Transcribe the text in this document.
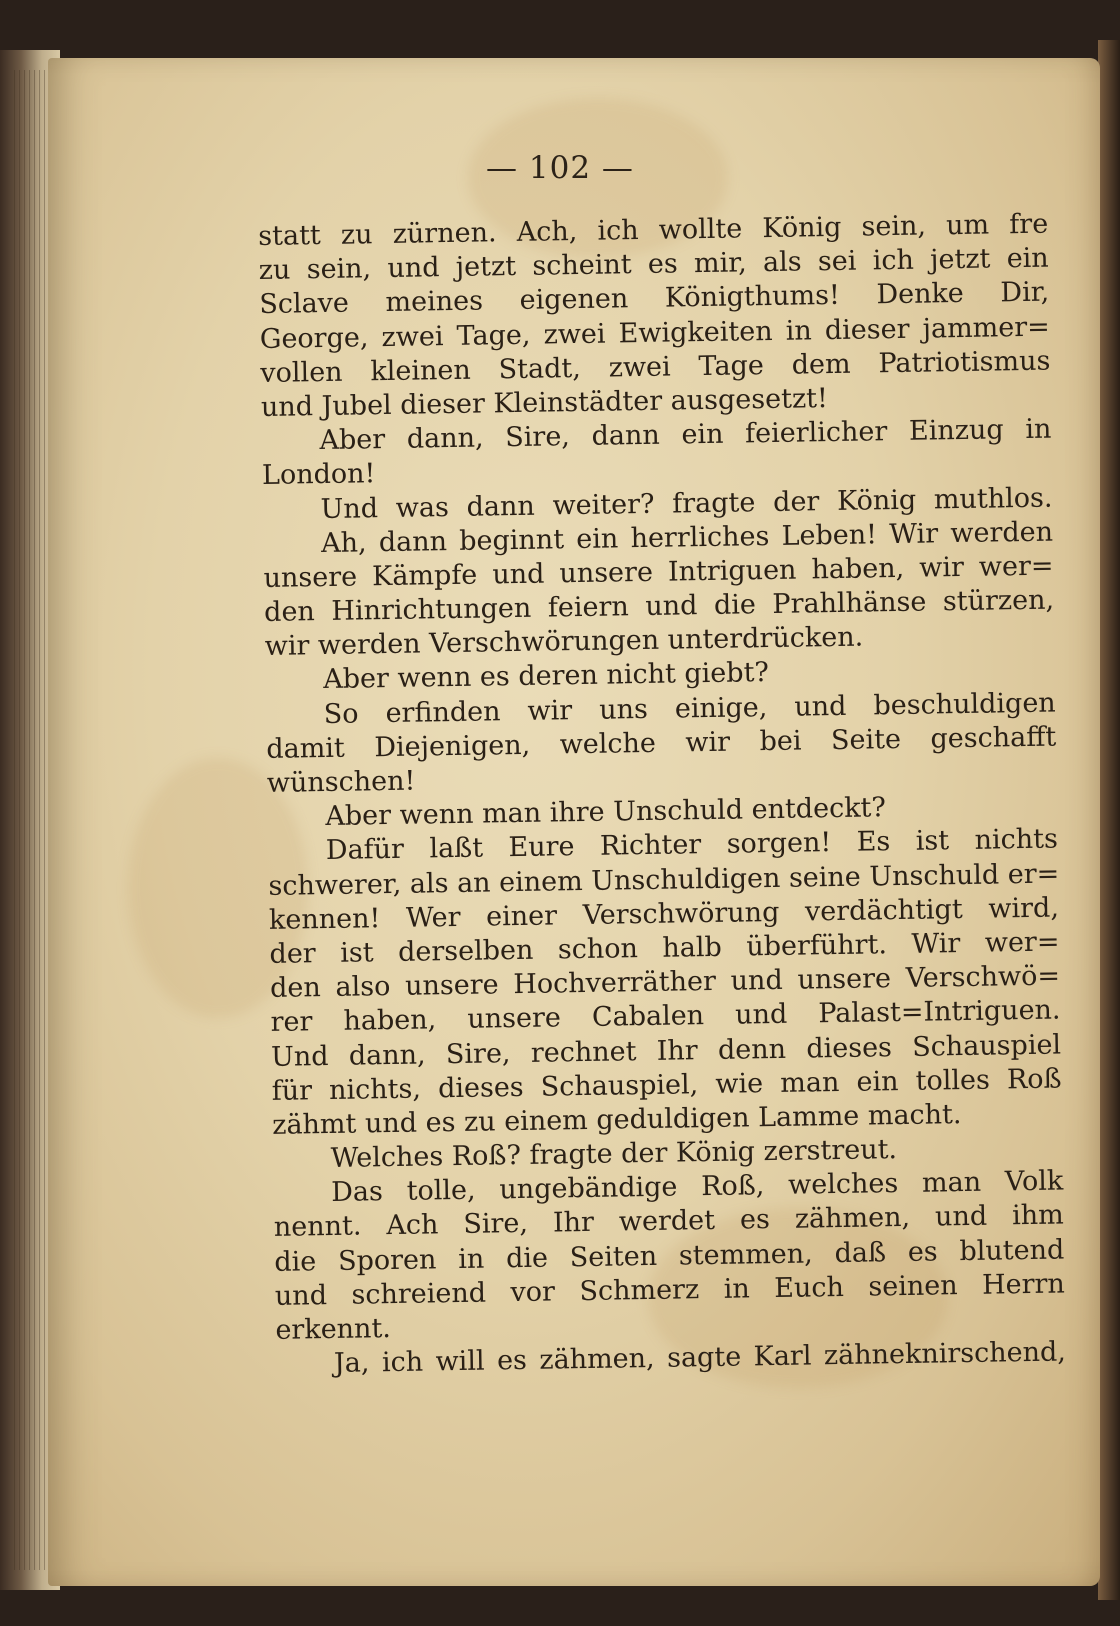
— 102 —
statt zu zürnen. Ach, ich wollte König sein, um fre
zu sein, und jetzt scheint es mir, als sei ich jetzt ein
Sclave meines eigenen Königthums! Denke Dir,
George, zwei Tage, zwei Ewigkeiten in dieser jammer=
vollen kleinen Stadt, zwei Tage dem Patriotismus
und Jubel dieser Kleinstädter ausgesetzt!
Aber dann, Sire, dann ein feierlicher Einzug in
London!
Und was dann weiter? fragte der König muthlos.
Ah, dann beginnt ein herrliches Leben! Wir werden
unsere Kämpfe und unsere Intriguen haben, wir wer=
den Hinrichtungen feiern und die Prahlhänse stürzen,
wir werden Verschwörungen unterdrücken.
Aber wenn es deren nicht giebt?
So erfinden wir uns einige, und beschuldigen
damit Diejenigen, welche wir bei Seite geschafft
wünschen!
Aber wenn man ihre Unschuld entdeckt?
Dafür laßt Eure Richter sorgen! Es ist nichts
schwerer, als an einem Unschuldigen seine Unschuld er=
kennen! Wer einer Verschwörung verdächtigt wird,
der ist derselben schon halb überführt. Wir wer=
den also unsere Hochverräther und unsere Verschwö=
rer haben, unsere Cabalen und Palast=Intriguen.
Und dann, Sire, rechnet Ihr denn dieses Schauspiel
für nichts, dieses Schauspiel, wie man ein tolles Roß
zähmt und es zu einem geduldigen Lamme macht.
Welches Roß? fragte der König zerstreut.
Das tolle, ungebändige Roß, welches man Volk
nennt. Ach Sire, Ihr werdet es zähmen, und ihm
die Sporen in die Seiten stemmen, daß es blutend
und schreiend vor Schmerz in Euch seinen Herrn
erkennt.
Ja, ich will es zähmen, sagte Karl zähneknirschend,
